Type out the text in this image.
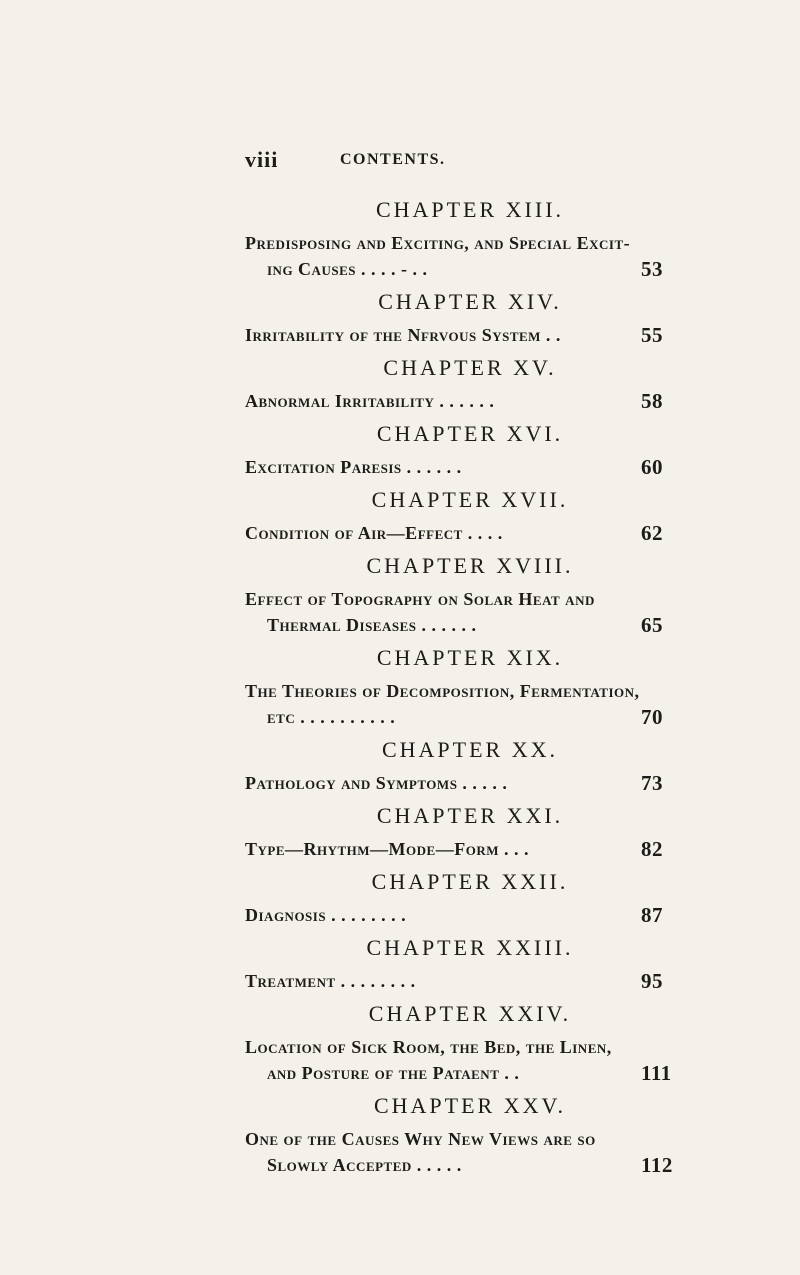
viii	CONTENTS.
CHAPTER XIII.
Predisposing and Exciting, and Special Excit-
ing Causes . . . . - . .	53
CHAPTER XIV.
Irritability of the Nfrvous System . .	55
CHAPTER XV.
Abnormal Irritability . . . . . .	58
CHAPTER XVI.
Excitation Paresis . . . . . .	60
CHAPTER XVII.
Condition of Air—Effect . . . .	62
CHAPTER XVIII.
Effect of Topography on Solar Heat and
Thermal Diseases . . . . . .	65
CHAPTER XIX.
The Theories of Decomposition, Fermentation,
etc . . . . . . . . . .	70
CHAPTER XX.
Pathology and Symptoms . . . . .	73
CHAPTER XXI.
Type—Rhythm—Mode—Form . . .	82
CHAPTER XXII.
Diagnosis . . . . . . . .	87
CHAPTER XXIII.
Treatment . . . . . . . .	95
CHAPTER XXIV.
Location of Sick Room, the Bed, the Linen,
and Posture of the Pataent . .	111
CHAPTER XXV.
One of the Causes Why New Views are so
Slowly Accepted . . . . .	112
